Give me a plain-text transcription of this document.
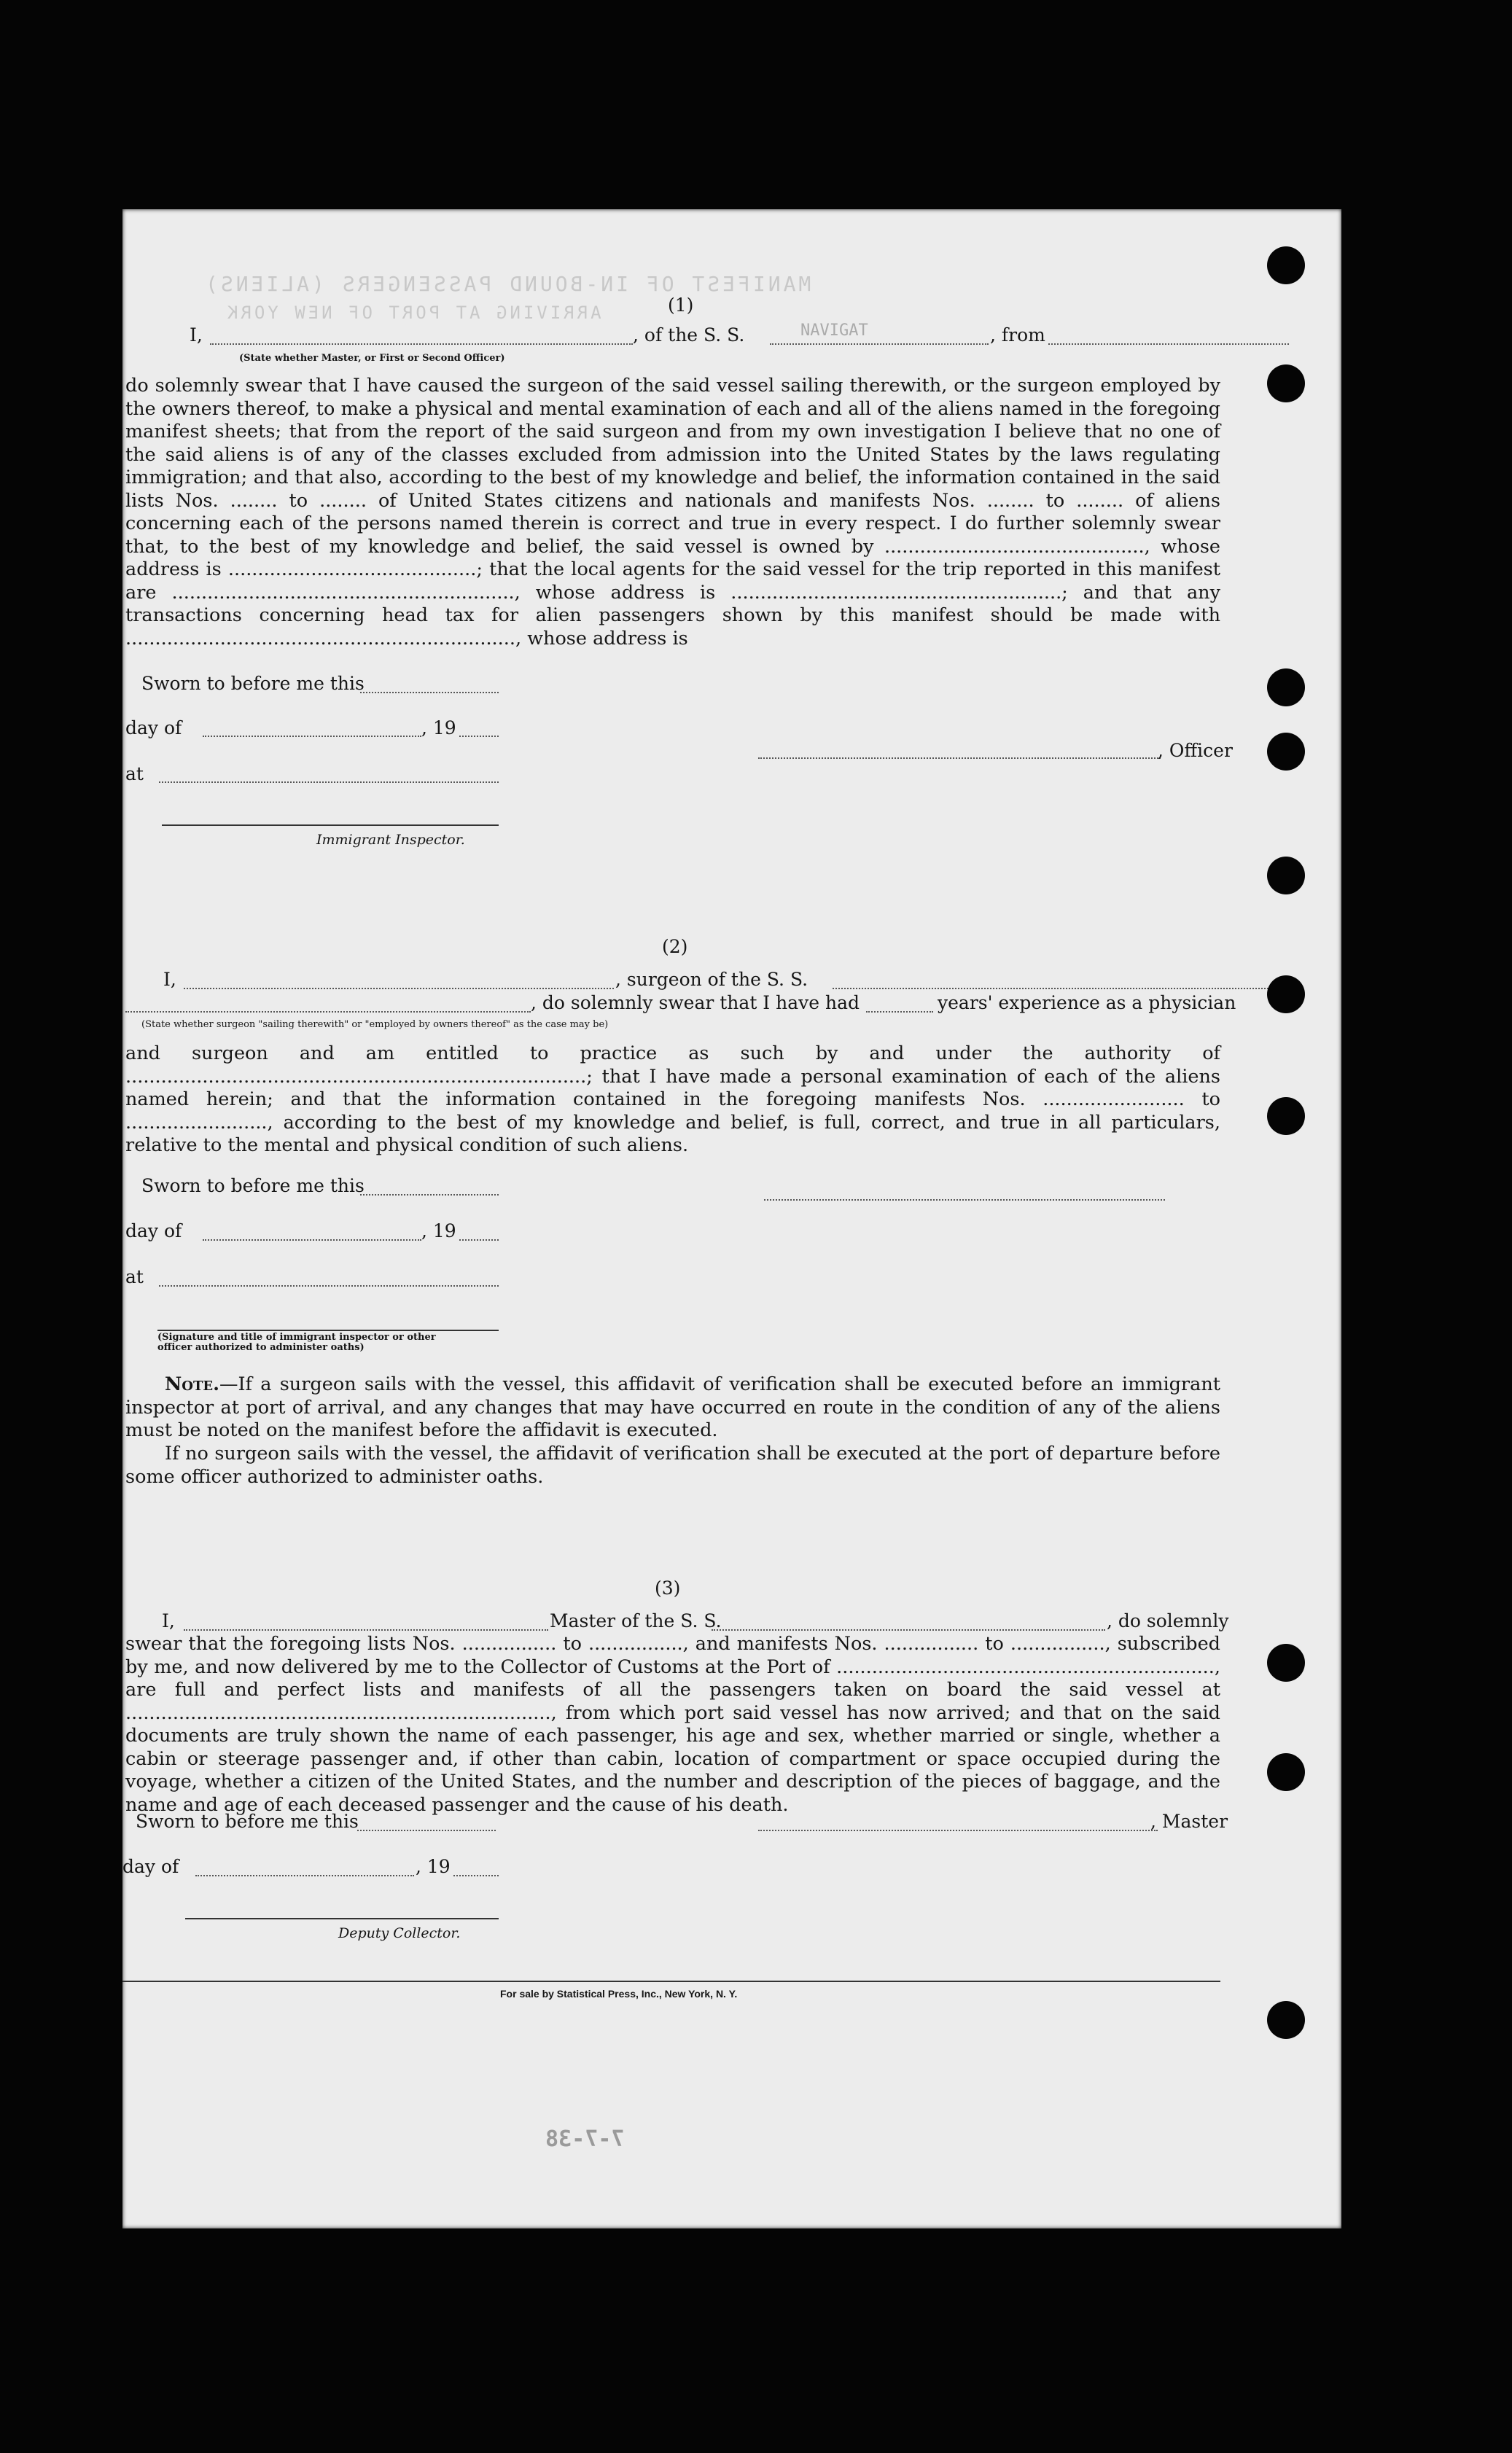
MANIFEST OF IN-BOUND PASSENGERS (ALIENS)
ARRIVING AT PORT OF NEW YORK	(1)
I,	, of the S. S.	NAVIGAT	, from
(State whether Master, or First or Second Officer)
do solemnly swear that I have caused the surgeon of the said vessel sailing therewith, or the surgeon employed by the owners thereof, to make a physical and mental examination of each and all of the aliens named in the foregoing manifest sheets; that from the report of the said surgeon and from my own investigation I believe that no one of the said aliens is of any of the classes excluded from admission into the United States by the laws regulating immigration; and that also, according to the best of my knowledge and belief, the information contained in the said lists Nos. ........ to ........ of United States citizens and nationals and manifests Nos. ........ to ........ of aliens concerning each of the persons named therein is correct and true in every respect. I do further solemnly swear that, to the best of my knowledge and belief, the said vessel is owned by ............................................, whose address is ..........................................; that the local agents for the said vessel for the trip reported in this manifest are .........................................................., whose address is ........................................................; and that any transactions concerning head tax for alien passengers shown by this manifest should be made with .................................................................., whose address is
Sworn to before me this
day of	, 19
at
, Officer
Immigrant Inspector.
(2)
I,	, surgeon of the S. S.
, do solemnly swear that I have had	years' experience as a physician
(State whether surgeon "sailing therewith" or "employed by owners thereof" as the case may be)
and surgeon and am entitled to practice as such by and under the authority of ..............................................................................; that I have made a personal examination of each of the aliens named herein; and that the information contained in the foregoing manifests Nos. ........................ to ........................, according to the best of my knowledge and belief, is full, correct, and true in all particulars, relative to the mental and physical condition of such aliens.
Sworn to before me this
day of	, 19
at
(Signature and title of immigrant inspector or other officer authorized to administer oaths)
Note.—If a surgeon sails with the vessel, this affidavit of verification shall be executed before an immigrant inspector at port of arrival, and any changes that may have occurred en route in the condition of any of the aliens must be noted on the manifest before the affidavit is executed.
If no surgeon sails with the vessel, the affidavit of verification shall be executed at the port of departure before some officer authorized to administer oaths.
(3)
I,	Master of the S. S.	, do solemnly
swear that the foregoing lists Nos. ................ to ................, and manifests Nos. ................ to ................, subscribed by me, and now delivered by me to the Collector of Customs at the Port of ................................................................, are full and perfect lists and manifests of all the passengers taken on board the said vessel at ........................................................................, from which port said vessel has now arrived; and that on the said documents are truly shown the name of each passenger, his age and sex, whether married or single, whether a cabin or steerage passenger and, if other than cabin, location of compartment or space occupied during the voyage, whether a citizen of the United States, and the number and description of the pieces of baggage, and the name and age of each deceased passenger and the cause of his death.
Sworn to before me this	, Master
day of	, 19
Deputy Collector.
For sale by Statistical Press, Inc., New York, N. Y.
7-7-38
